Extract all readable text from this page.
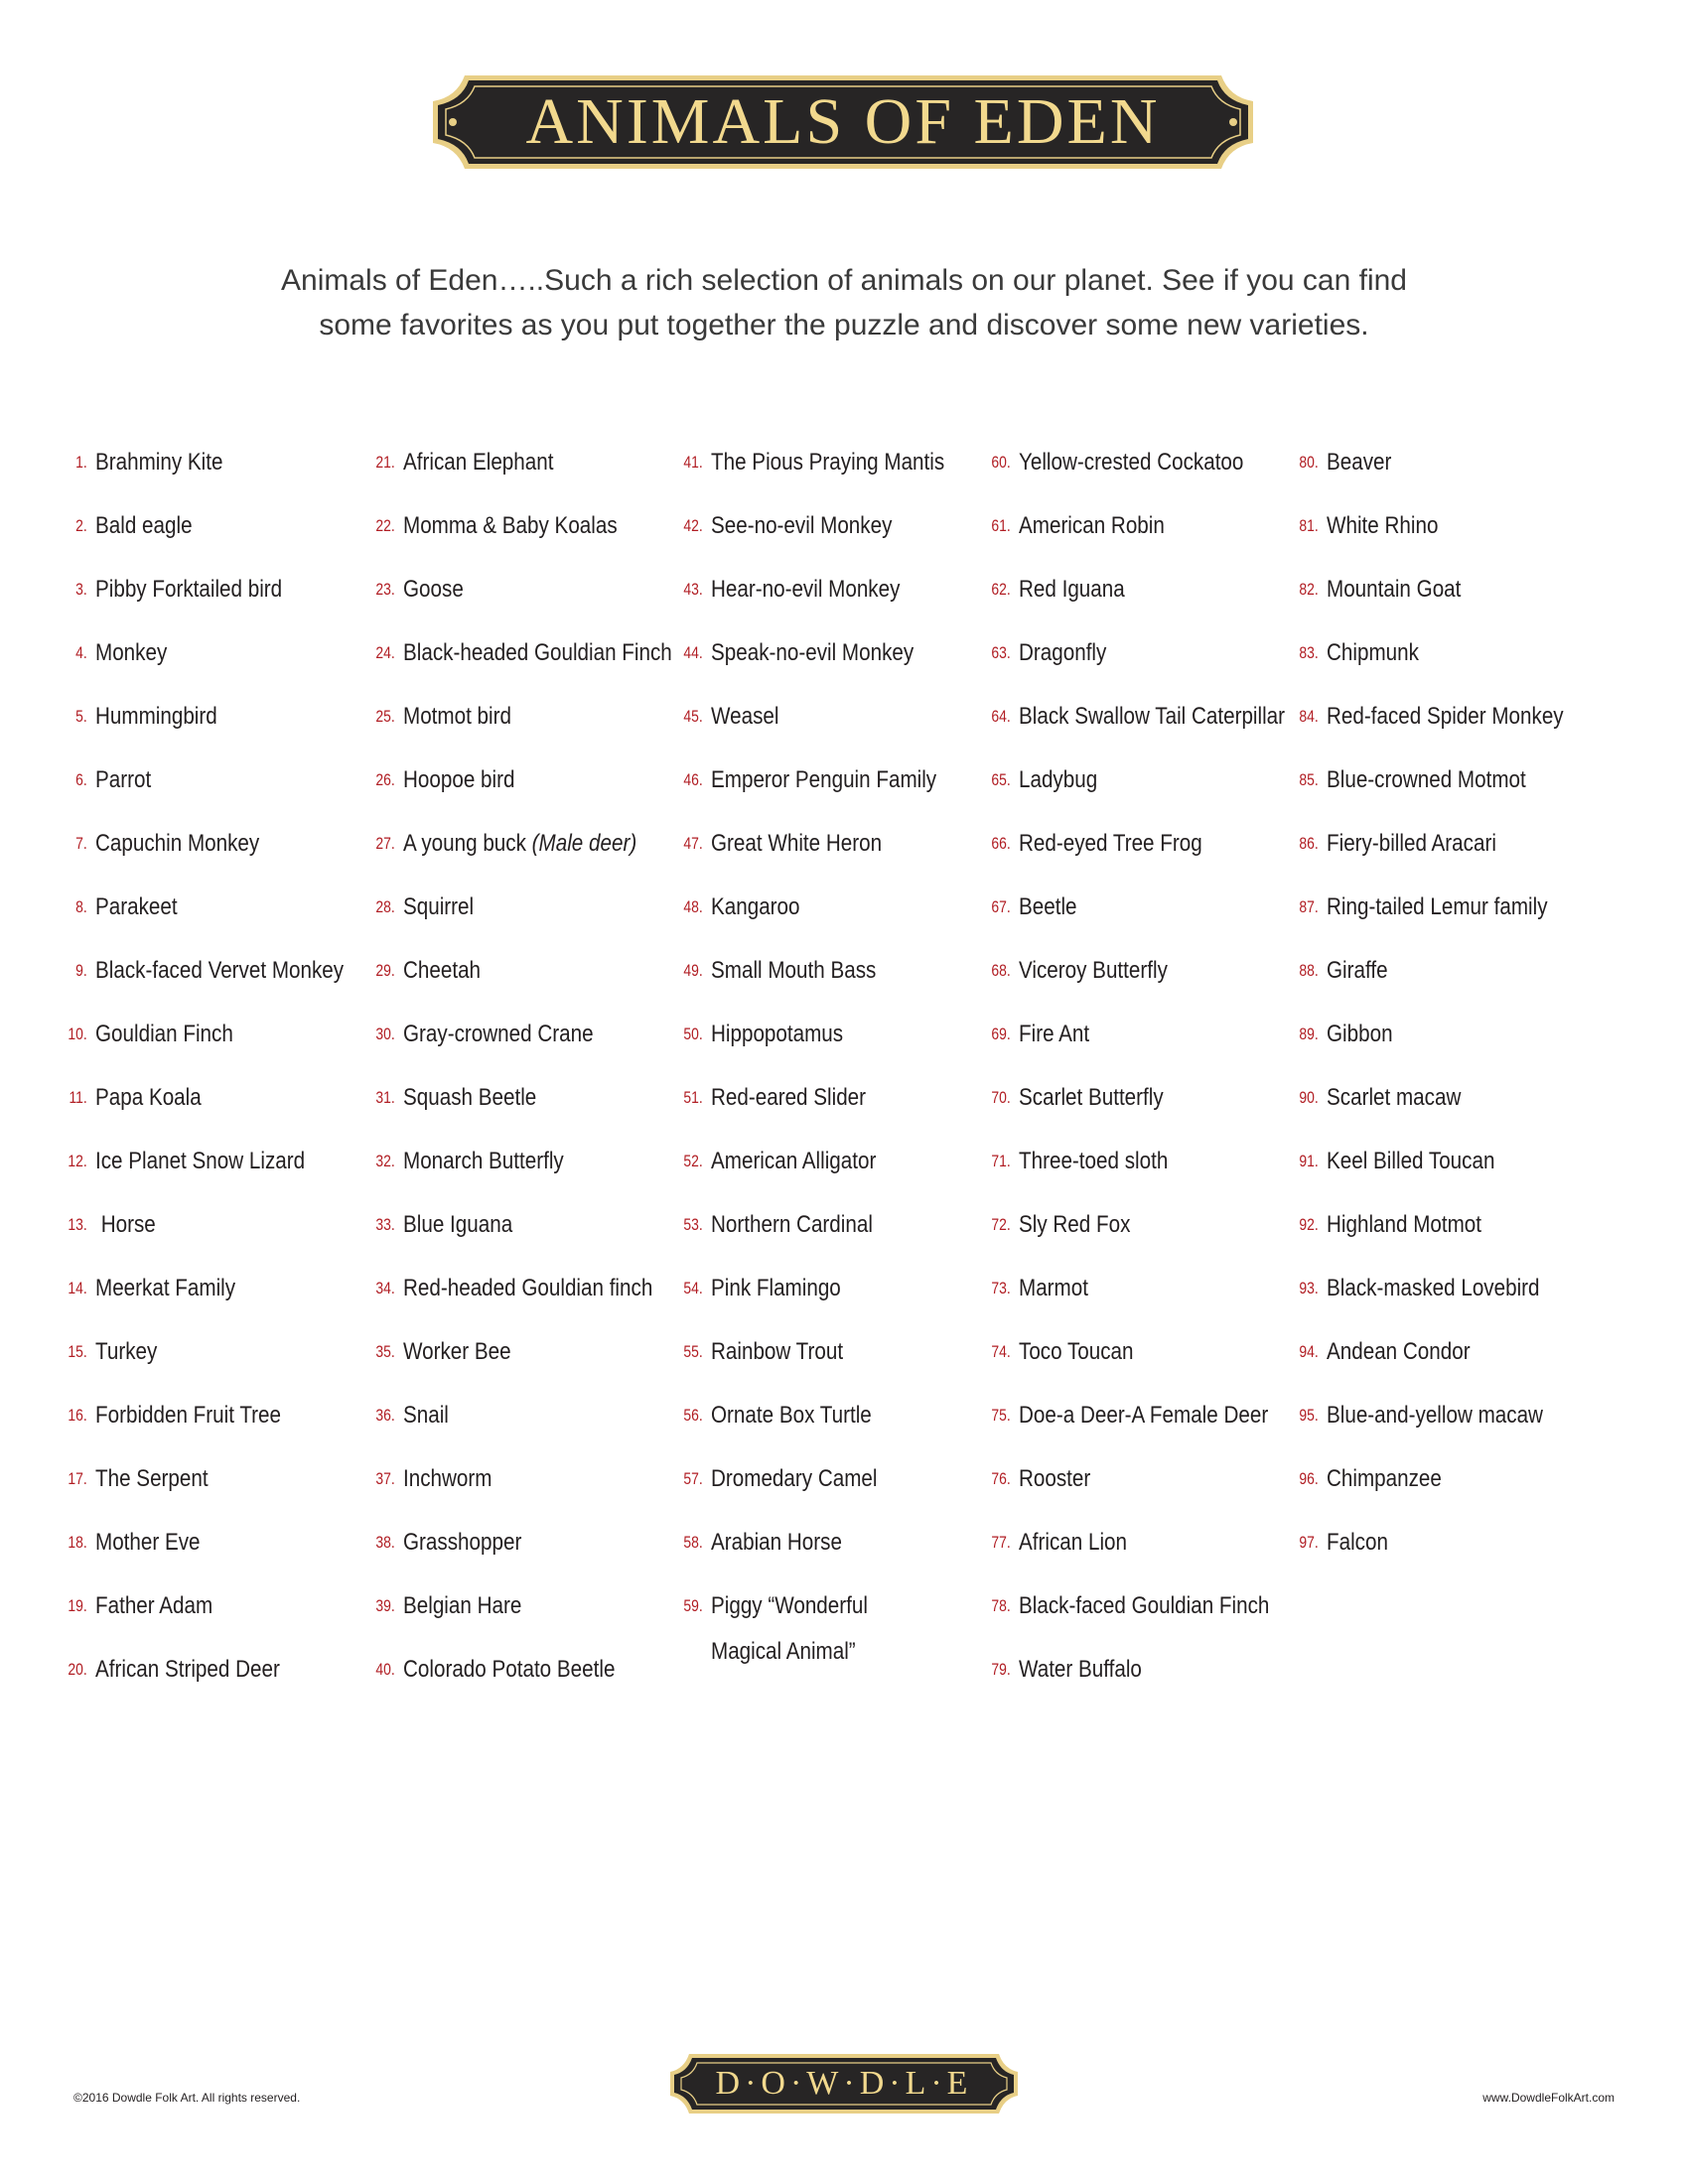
ANIMALS OF EDEN
Animals of Eden…..Such a rich selection of animals on our planet. See if you can find
some favorites as you put together the puzzle and discover some new varieties.
1. Brahminy Kite
2. Bald eagle
3. Pibby Forktailed bird
4. Monkey
5. Hummingbird
6. Parrot
7. Capuchin Monkey
8. Parakeet
9. Black-faced Vervet Monkey
10. Gouldian Finch
11. Papa Koala
12. Ice Planet Snow Lizard
13. Horse
14. Meerkat Family
15. Turkey
16. Forbidden Fruit Tree
17. The Serpent
18. Mother Eve
19. Father Adam
20. African Striped Deer
21. African Elephant
22. Momma & Baby Koalas
23. Goose
24. Black-headed Gouldian Finch
25. Motmot bird
26. Hoopoe bird
27. A young buck (Male deer)
28. Squirrel
29. Cheetah
30. Gray-crowned Crane
31. Squash Beetle
32. Monarch Butterfly
33. Blue Iguana
34. Red-headed Gouldian finch
35. Worker Bee
36. Snail
37. Inchworm
38. Grasshopper
39. Belgian Hare
40. Colorado Potato Beetle
41. The Pious Praying Mantis
42. See-no-evil Monkey
43. Hear-no-evil Monkey
44. Speak-no-evil Monkey
45. Weasel
46. Emperor Penguin Family
47. Great White Heron
48. Kangaroo
49. Small Mouth Bass
50. Hippopotamus
51. Red-eared Slider
52. American Alligator
53. Northern Cardinal
54. Pink Flamingo
55. Rainbow Trout
56. Ornate Box Turtle
57. Dromedary Camel
58. Arabian Horse
59. Piggy “Wonderful
Magical Animal”
60. Yellow-crested Cockatoo
61. American Robin
62. Red Iguana
63. Dragonfly
64. Black Swallow Tail Caterpillar
65. Ladybug
66. Red-eyed Tree Frog
67. Beetle
68. Viceroy Butterfly
69. Fire Ant
70. Scarlet Butterfly
71. Three-toed sloth
72. Sly Red Fox
73. Marmot
74. Toco Toucan
75. Doe-a Deer-A Female Deer
76. Rooster
77. African Lion
78. Black-faced Gouldian Finch
79. Water Buffalo
80. Beaver
81. White Rhino
82. Mountain Goat
83. Chipmunk
84. Red-faced Spider Monkey
85. Blue-crowned Motmot
86. Fiery-billed Aracari
87. Ring-tailed Lemur family
88. Giraffe
89. Gibbon
90. Scarlet macaw
91. Keel Billed Toucan
92. Highland Motmot
93. Black-masked Lovebird
94. Andean Condor
95. Blue-and-yellow macaw
96. Chimpanzee
97. Falcon
©2016 Dowdle Folk Art. All rights reserved.	D·O·W·D·L·E	www.DowdleFolkArt.com
